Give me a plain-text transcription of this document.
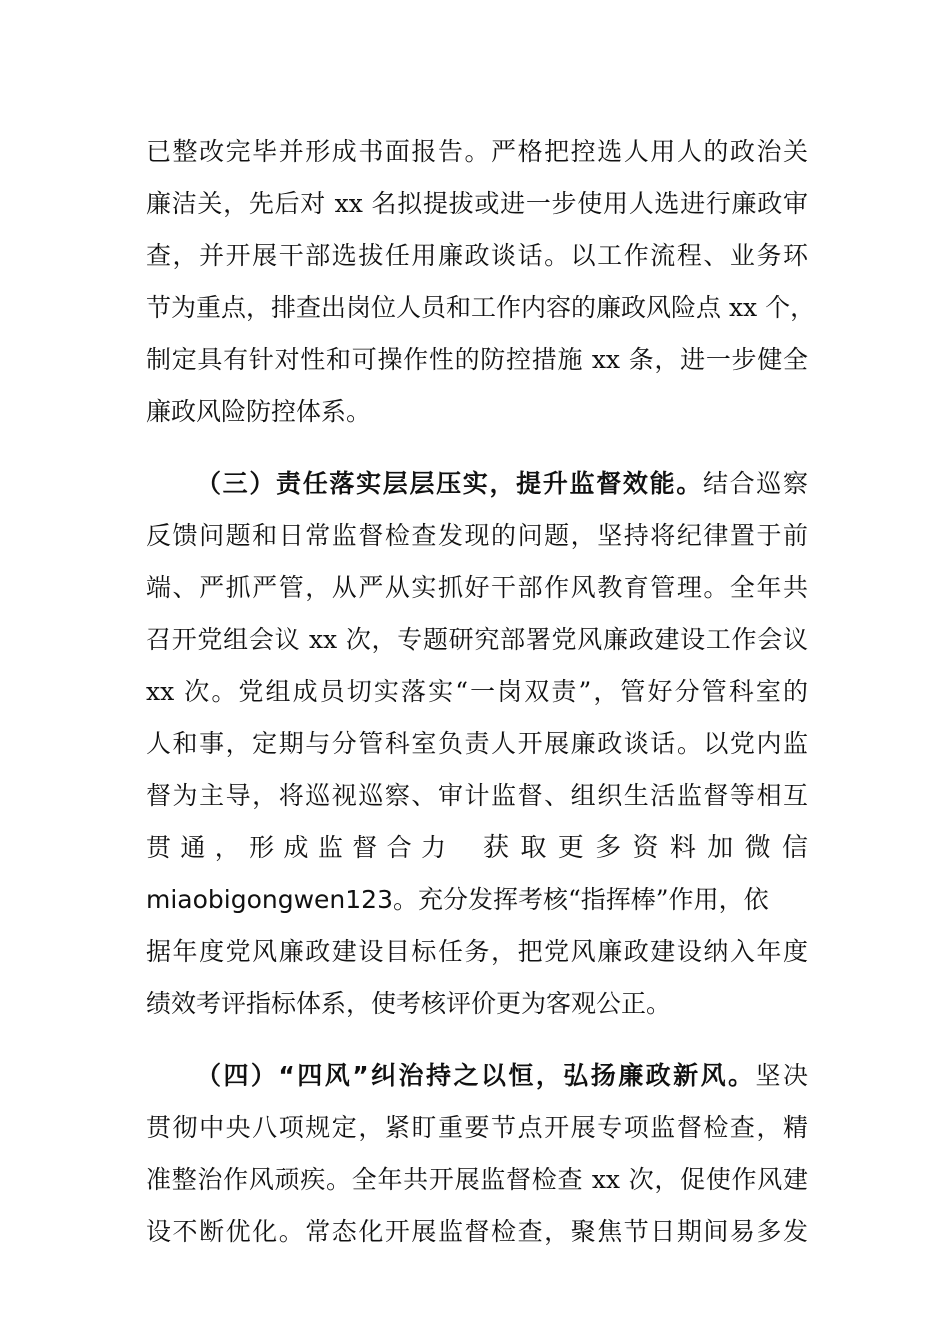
已整改完毕并形成书面报告。严格把控选人用人的政治关
廉洁关，先后对 xx 名拟提拔或进一步使用人选进行廉政审
查，并开展干部选拔任用廉政谈话。以工作流程、业务环
节为重点，排查出岗位人员和工作内容的廉政风险点 xx 个，
制定具有针对性和可操作性的防控措施 xx 条，进一步健全
廉政风险防控体系。
（三）责任落实层层压实，提升监督效能。结合巡察
反馈问题和日常监督检查发现的问题，坚持将纪律置于前
端、严抓严管，从严从实抓好干部作风教育管理。全年共
召开党组会议 xx 次，专题研究部署党风廉政建设工作会议
xx 次。党组成员切实落实“一岗双责”，管好分管科室的
人和事，定期与分管科室负责人开展廉政谈话。以党内监
督为主导，将巡视巡察、审计监督、组织生活监督等相互
贯 通 ， 形 成 监 督 合 力 获 取 更 多 资 料 加 微 信
miaobigongwen123。充分发挥考核“指挥棒”作用，依
据年度党风廉政建设目标任务，把党风廉政建设纳入年度
绩效考评指标体系，使考核评价更为客观公正。
（四）“四风”纠治持之以恒，弘扬廉政新风。坚决
贯彻中央八项规定，紧盯重要节点开展专项监督检查，精
准整治作风顽疾。全年共开展监督检查 xx 次，促使作风建
设不断优化。常态化开展监督检查，聚焦节日期间易多发
